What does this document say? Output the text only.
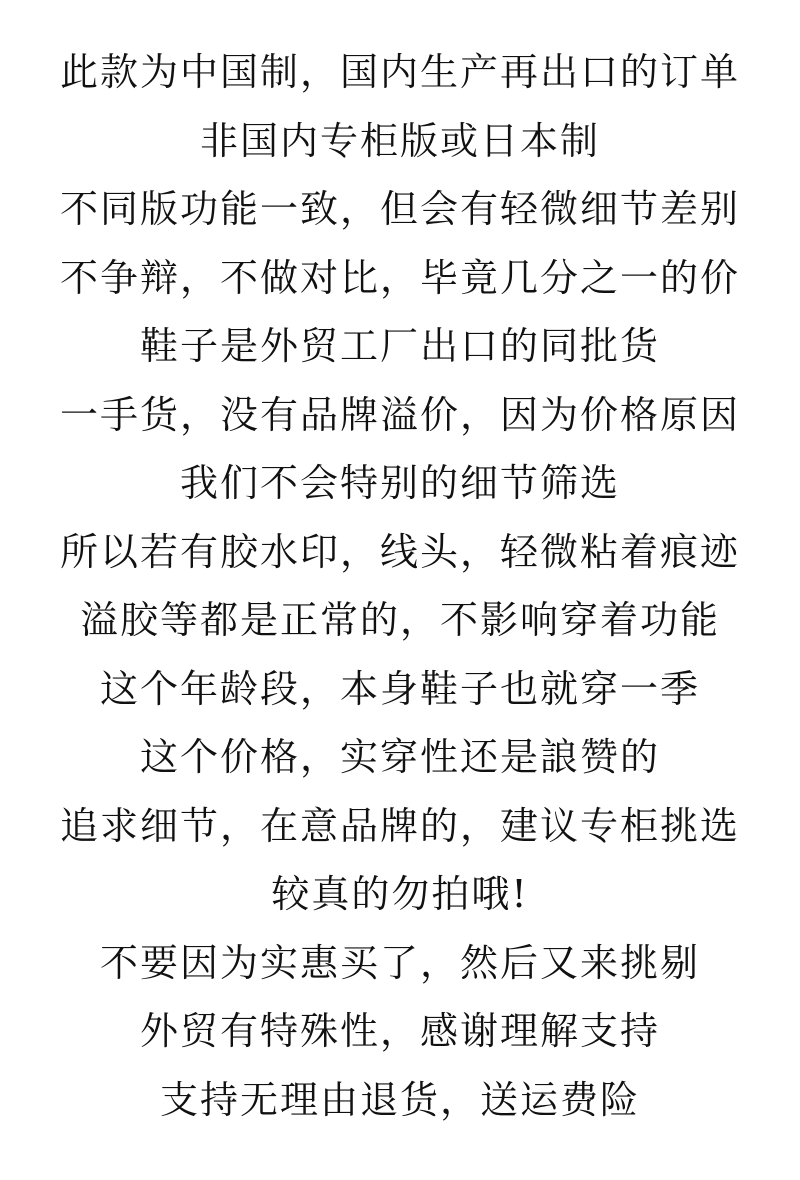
此款为中国制，国内生产再出口的订单
非国内专柜版或日本制
不同版功能一致，但会有轻微细节差别
不争辩，不做对比，毕竟几分之一的价
鞋子是外贸工厂出口的同批货
一手货，没有品牌溢价，因为价格原因
我们不会特别的细节筛选
所以若有胶水印，线头，轻微粘着痕迹
溢胶等都是正常的，不影响穿着功能
这个年龄段，本身鞋子也就穿一季
这个价格，实穿性还是誏赞的
追求细节，在意品牌的，建议专柜挑选
较真的勿拍哦!
不要因为实惠买了，然后又来挑剔
外贸有特殊性，感谢理解支持
支持无理由退货，送运费险
